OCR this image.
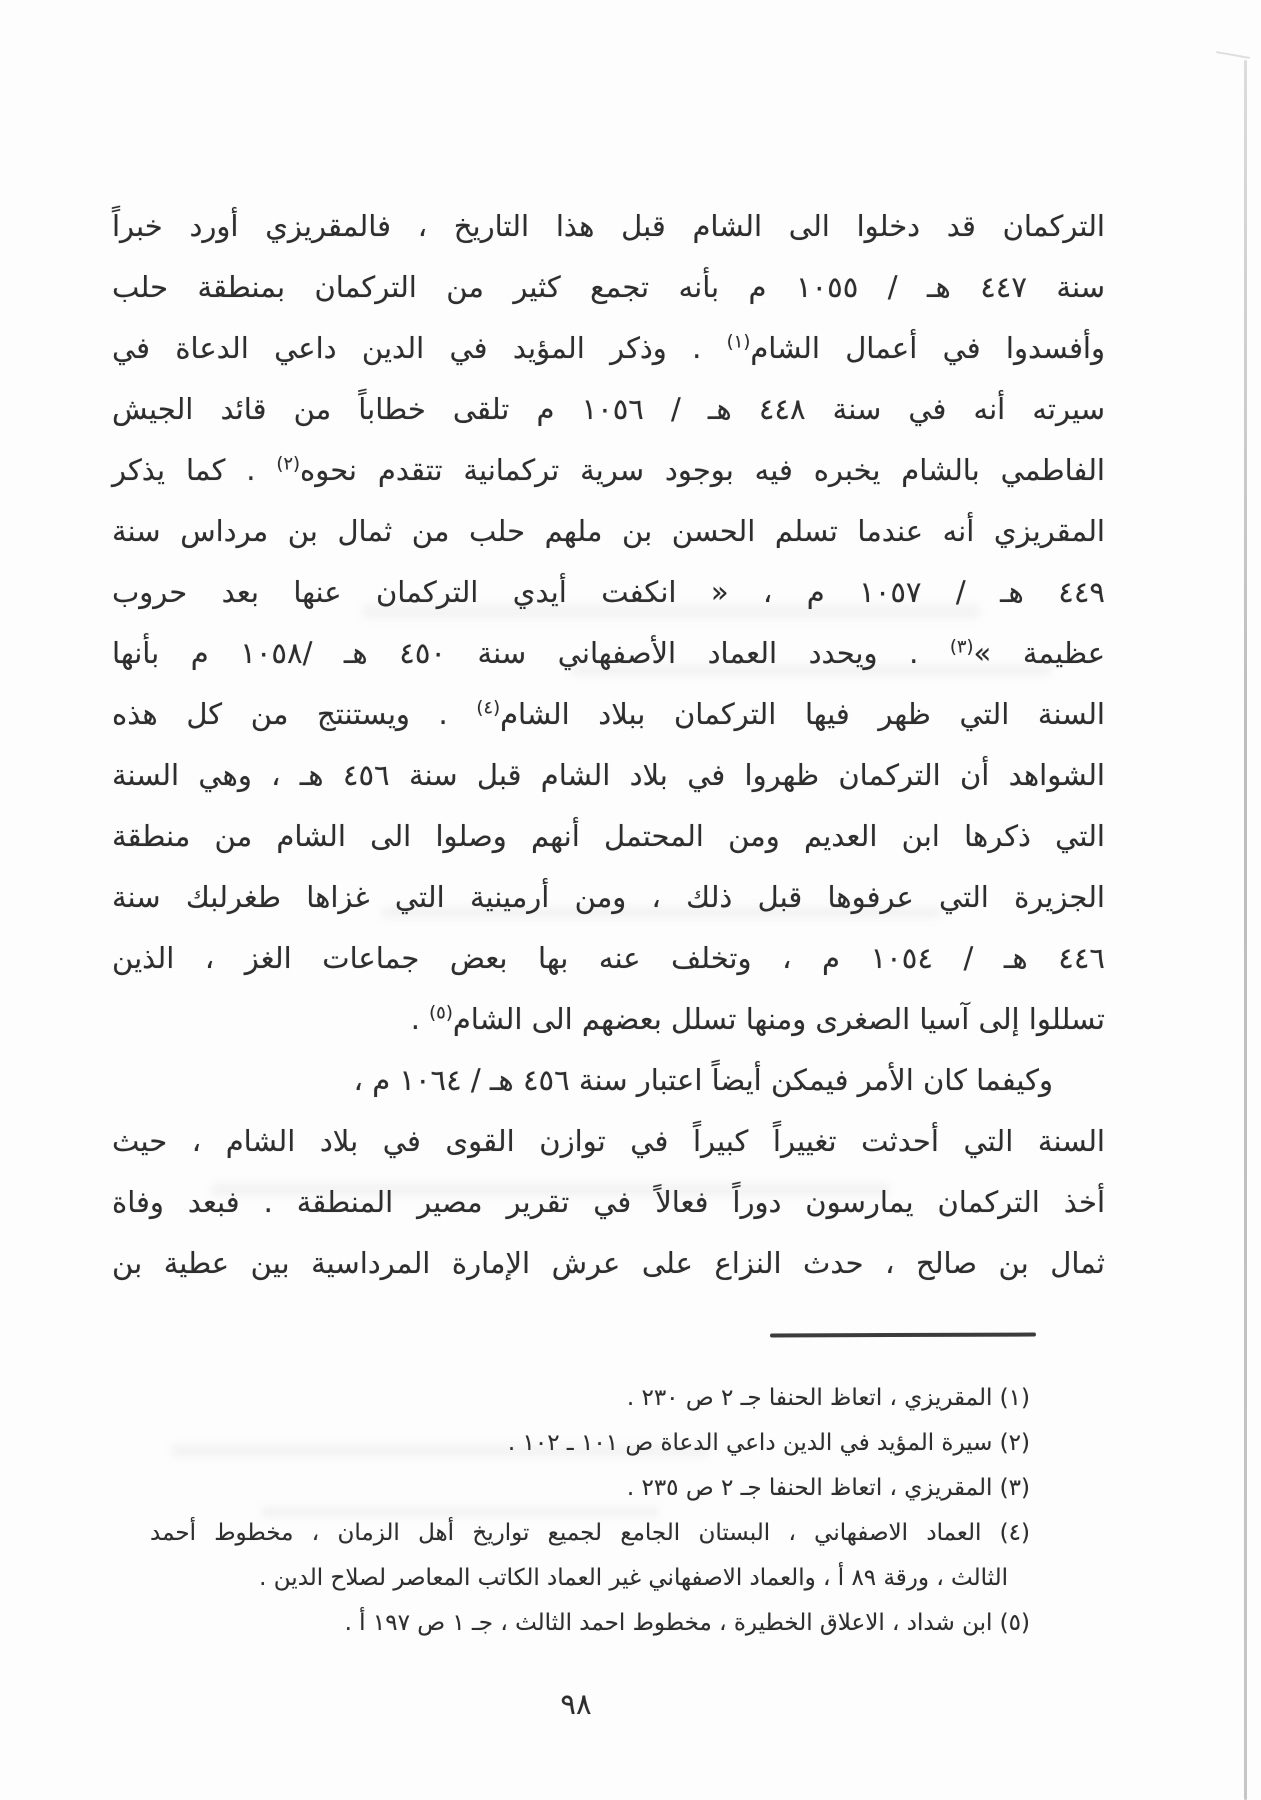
التركمان قد دخلوا الى الشام قبل هذا التاريخ ، فالمقريزي أورد خبراً
سنة ٤٤٧ هـ / ١٠٥٥ م بأنه تجمع كثير من التركمان بمنطقة حلب
وأفسدوا في أعمال الشام$^{(١)}$ . وذكر المؤيد في الدين داعي الدعاة في
سيرته أنه في سنة ٤٤٨ هـ / ١٠٥٦ م تلقى خطاباً من قائد الجيش
الفاطمي بالشام يخبره فيه بوجود سرية تركمانية تتقدم نحوه$^{(٢)}$ . كما يذكر
المقريزي أنه عندما تسلم الحسن بن ملهم حلب من ثمال بن مرداس سنة
٤٤٩ هـ / ١٠٥٧ م ، « انكفت أيدي التركمان عنها بعد حروب
عظيمة »$^{(٣)}$ . ويحدد العماد الأصفهاني سنة ٤٥٠ هـ /١٠٥٨ م بأنها
السنة التي ظهر فيها التركمان ببلاد الشام$^{(٤)}$ . ويستنتج من كل هذه
الشواهد أن التركمان ظهروا في بلاد الشام قبل سنة ٤٥٦ هـ ، وهي السنة
التي ذكرها ابن العديم ومن المحتمل أنهم وصلوا الى الشام من منطقة
الجزيرة التي عرفوها قبل ذلك ، ومن أرمينية التي غزاها طغرلبك سنة
٤٤٦ هـ / ١٠٥٤ م ، وتخلف عنه بها بعض جماعات الغز ، الذين
تسللوا إلى آسيا الصغرى ومنها تسلل بعضهم الى الشام$^{(٥)}$ .
وكيفما كان الأمر فيمكن أيضاً اعتبار سنة ٤٥٦ هـ / ١٠٦٤ م ،
السنة التي أحدثت تغييراً كبيراً في توازن القوى في بلاد الشام ، حيث
أخذ التركمان يمارسون دوراً فعالاً في تقرير مصير المنطقة . فبعد وفاة
ثمال بن صالح ، حدث النزاع على عرش الإمارة المرداسية بين عطية بن
(١) المقريزي ، اتعاظ الحنفا جـ ٢ ص ٢٣٠ .
(٢) سيرة المؤيد في الدين داعي الدعاة ص ١٠١ ـ ١٠٢ .
(٣) المقريزي ، اتعاظ الحنفا جـ ٢ ص ٢٣٥ .
(٤) العماد الاصفهاني ، البستان الجامع لجميع تواريخ أهل الزمان ، مخطوط أحمد
الثالث ، ورقة ٨٩ أ ، والعماد الاصفهاني غير العماد الكاتب المعاصر لصلاح الدين .
(٥) ابن شداد ، الاعلاق الخطيرة ، مخطوط احمد الثالث ، جـ ١ ص ١٩٧ أ .
٩٨
